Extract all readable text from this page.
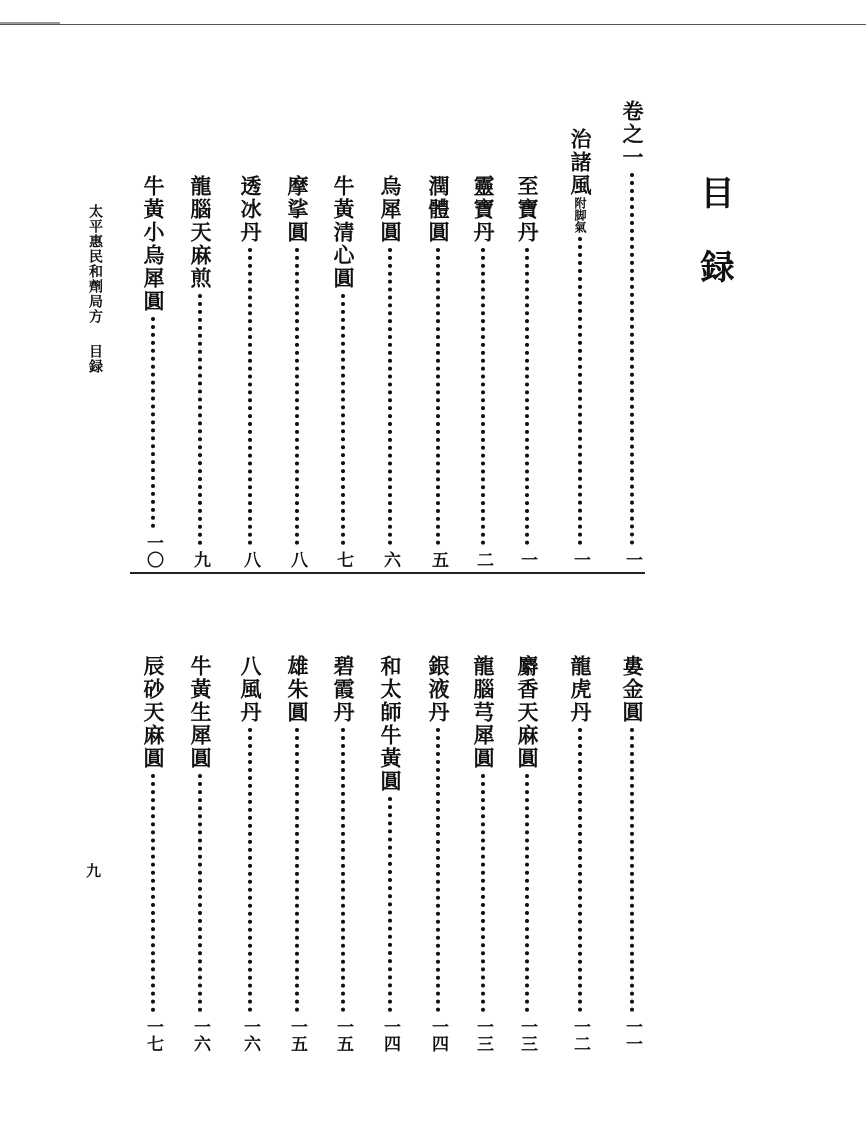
目録
太平惠民和劑局方 目録
九
卷之一
一
治諸風附脚氣
一
至寶丹
一
靈寶丹
二
潤體圓
五
烏犀圓
六
牛黃清心圓
七
摩挲圓
八
透冰丹
八
龍腦天麻煎
九
牛黃小烏犀圓
一〇
婁金圓
一一
龍虎丹
一二
麝香天麻圓
一三
龍腦芎犀圓
一三
銀液丹
一四
和太師牛黃圓
一四
碧霞丹
一五
雄朱圓
一五
八風丹
一六
牛黃生犀圓
一六
辰砂天麻圓
一七
